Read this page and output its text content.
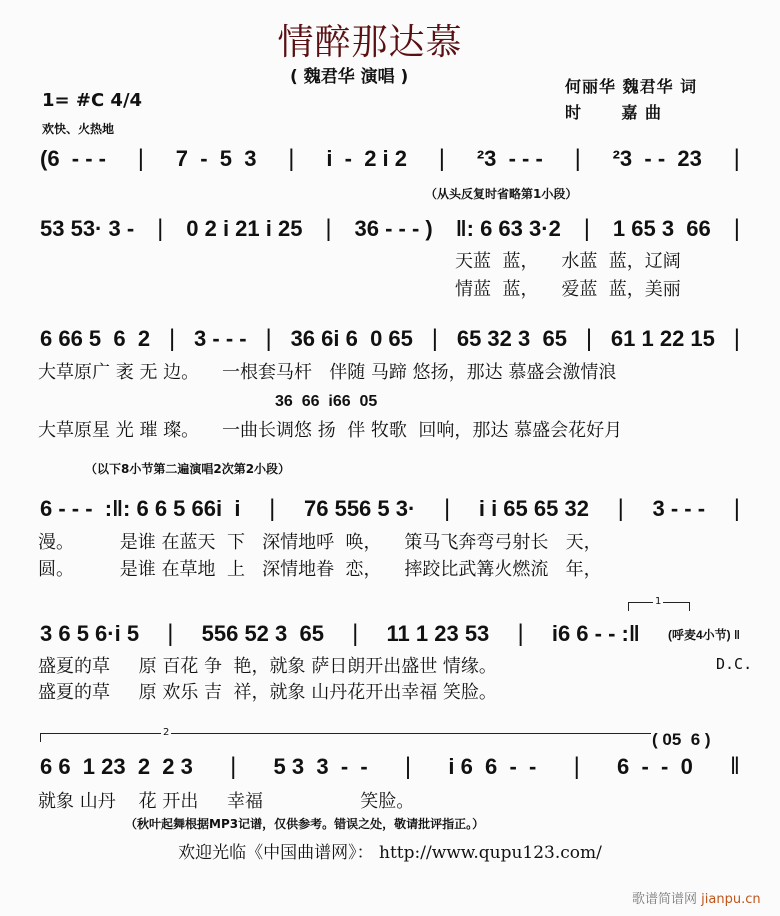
情醉那达慕
( 魏君华 演唱 )	何丽华 魏君华 词
时      嘉 曲
1= #C 4/4
欢快、火热地
(6  - - - | 7  -  5  3 | i  -  2 i 2 | ²3  - - - | ²3  - -  23 |
（从头反复时省略第1小段）
53 53· 3 - | 0 2 i 21 i 25 | 36 - - - ) ‖: 6 63 3·2 | 1 65 3  66 |
天蓝  蓝，    水蓝  蓝，辽阔
情蓝  蓝，    爱蓝  蓝，美丽
6 66 5  6  2 | 3 - - - | 36 6i 6  0 65 | 65 32 3  65 | 61 1 22 15 |
大草原广 袤 无 边。    一根套马杆   伴随 马蹄 悠扬，那达 慕盛会激情浪
36  66  i66  05
大草原星 光 璀 璨。    一曲长调悠 扬  伴 牧歌  回响，那达 慕盛会花好月
（以下8小节第二遍演唱2次第2小段）
6 - - -  :‖: 6 6 5 66i  i | 76 556 5 3· | i i 65 65 32 | 3 - - - |
漫。        是谁 在蓝天  下   深情地呼  唤，    策马飞奔弯弓射长   天，
圆。        是谁 在草地  上   深情地眷  恋，    摔跤比武篝火燃流   年，
1
3 6 5 6·i 5 | 556 52 3  65 | 11 1 23 53 | i6 6 - - :‖ (呼麦4小节) ‖
盛夏的草     原 百花 争  艳，就象 萨日朗开出盛世 情缘。	D.C.
盛夏的草     原 欢乐 吉  祥，就象 山丹花开出幸福 笑脸。
2	( 05  6 )
6 6  1 23  2  2 3 | 5 3  3  -  - | i 6  6  -  - | 6  -  -  0 ‖
就象 山丹    花 开出     幸福                 笑脸。
（秋叶起舞根据MP3记谱，仅供参考。错误之处，敬请批评指正。）
欢迎光临《中国曲谱网》： http://www.qupu123.com/
歌谱简谱网 jianpu.cn
